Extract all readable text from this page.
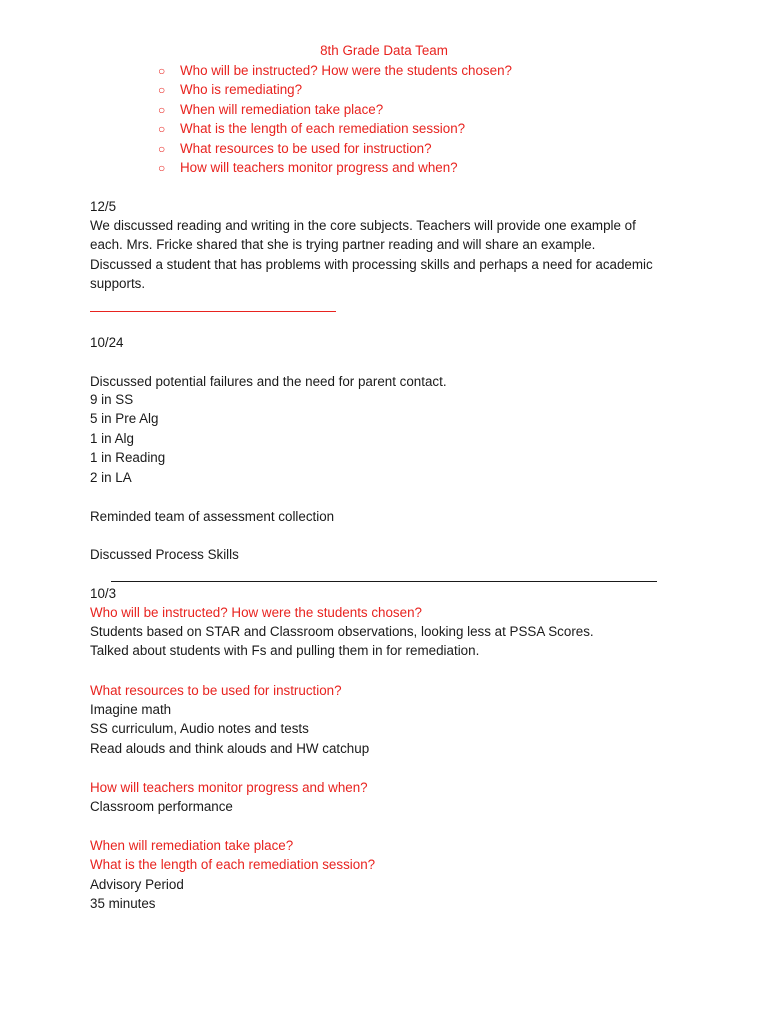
8th Grade Data Team
○ Who will be instructed? How were the students chosen?
○ Who is remediating?
○ When will remediation take place?
○ What is the length of each remediation session?
○ What resources to be used for instruction?
○ How will teachers monitor progress and when?
12/5
We discussed reading and writing in the core subjects. Teachers will provide one example of
each. Mrs. Fricke shared that she is trying partner reading and will share an example.
Discussed a student that has problems with processing skills and perhaps a need for academic
supports.
10/24
Discussed potential failures and the need for parent contact.
9 in SS
5 in Pre Alg
1 in Alg
1 in Reading
2 in LA
Reminded team of assessment collection
Discussed Process Skills
10/3
Who will be instructed? How were the students chosen?
Students based on STAR and Classroom observations, looking less at PSSA Scores.
Talked about students with Fs and pulling them in for remediation.
What resources to be used for instruction?
Imagine math
SS curriculum, Audio notes and tests
Read alouds and think alouds and HW catchup
How will teachers monitor progress and when?
Classroom performance
When will remediation take place?
What is the length of each remediation session?
Advisory Period
35 minutes
